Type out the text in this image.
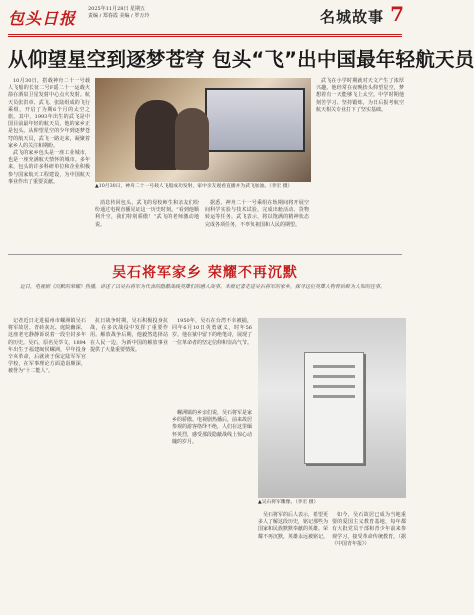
包头日报 2025年11月28日 星期五
责编 / 郑春霞 美编 / 罗万玲	名城故事 7
从仰望星空到逐梦苍穹 包头“飞”出中国最年轻航天员

10月30日，搭载神舟二十一号载人飞船的长征二号F遥二十一运载火箭在酒泉卫星发射中心点火发射。航天员张洪章、武飞、张陆组成的飞行乘组，开启了为期6个月的太空之旅。其中，1993年出生的武飞是中国目前最年轻的航天员，他的家乡正是包头。从仰望星空的少年到逐梦苍穹的航天员，武飞一路走来，凝聚着家乡人的关注和期盼。

▲10月30日，神舟二十一号载人飞船成功发射，家中亲友观看直播并为武飞加油。（李宏 摄）

武飞在小学时期就对天文产生了浓厚兴趣。他经常在夜晚抬头仰望星空，梦想着有一天能够飞上太空。中学时期他刻苦学习、坚持锻炼，为日后报考航空航天相关专业打下了坚实基础。

武飞的家乡包头是一座工业城市，也是一座充满航天情怀的城市。多年来，包头的许多科研单位和企业积极参与国家航天工程建设，为中国航天事业作出了重要贡献。

消息传回包头，武飞的母校师生和亲友们纷纷通过电视直播见证这一历史时刻。“看到他顺利升空，我们特别骄傲！”武飞的老师激动地说。

据悉，神舟二十一号乘组在轨期间将开展空间科学实验与技术试验，完成出舱活动、货物转运等任务。武飞表示，将以饱满的精神状态完成各项任务，不辜负祖国和人民的期望。

吴石将军家乡 荣耀不再沉默
近日，电视剧《沉默的荣耀》热播，讲述了以吴石将军为代表的隐蔽战线英雄们的感人故事。本报记者走进吴石将军的家乡，探寻这位英雄人物背后鲜为人知的往事。

记者近日走进福州市螺洲镇吴石将军故居。青砖灰瓦、庭院幽深，这座老宅静静诉说着一段尘封多年的历史。吴石，原名吴萃文，1894年出生于福建闽侯螺洲，早年投身辛亥革命，后就读于保定陆军军官学校，在军事理论方面造诣颇深，被誉为“十二能人”。

抗日战争时期，吴石积极投身抗战，在多次战役中发挥了重要作用。解放战争后期，他毅然选择站在人民一边，为新中国的解放事业提供了大量重要情报。

1950年，吴石在台湾不幸被捕，同年6月10日英勇就义，时年56岁。他在狱中留下的绝笔诗，展现了一位革命者的坚定信仰和崇高气节。

螺洲镇的乡亲们说，吴石将军是家乡的骄傲。电视剧热播后，前来故居参观的游客络绎不绝，人们在这里缅怀英烈，感受那段隐蔽战线上惊心动魄的岁月。

▲吴石将军雕像。（李宏 摄）

吴石将军的后人表示，希望更多人了解这段历史，铭记那些为国家和民族默默奉献的英雄。荣耀不再沉默，英雄永远被铭记。

如今，吴石故居已成为当地重要的爱国主义教育基地，每年都有大批党员干部和青少年前来参观学习，接受革命传统教育。（据《中国青年报》）
